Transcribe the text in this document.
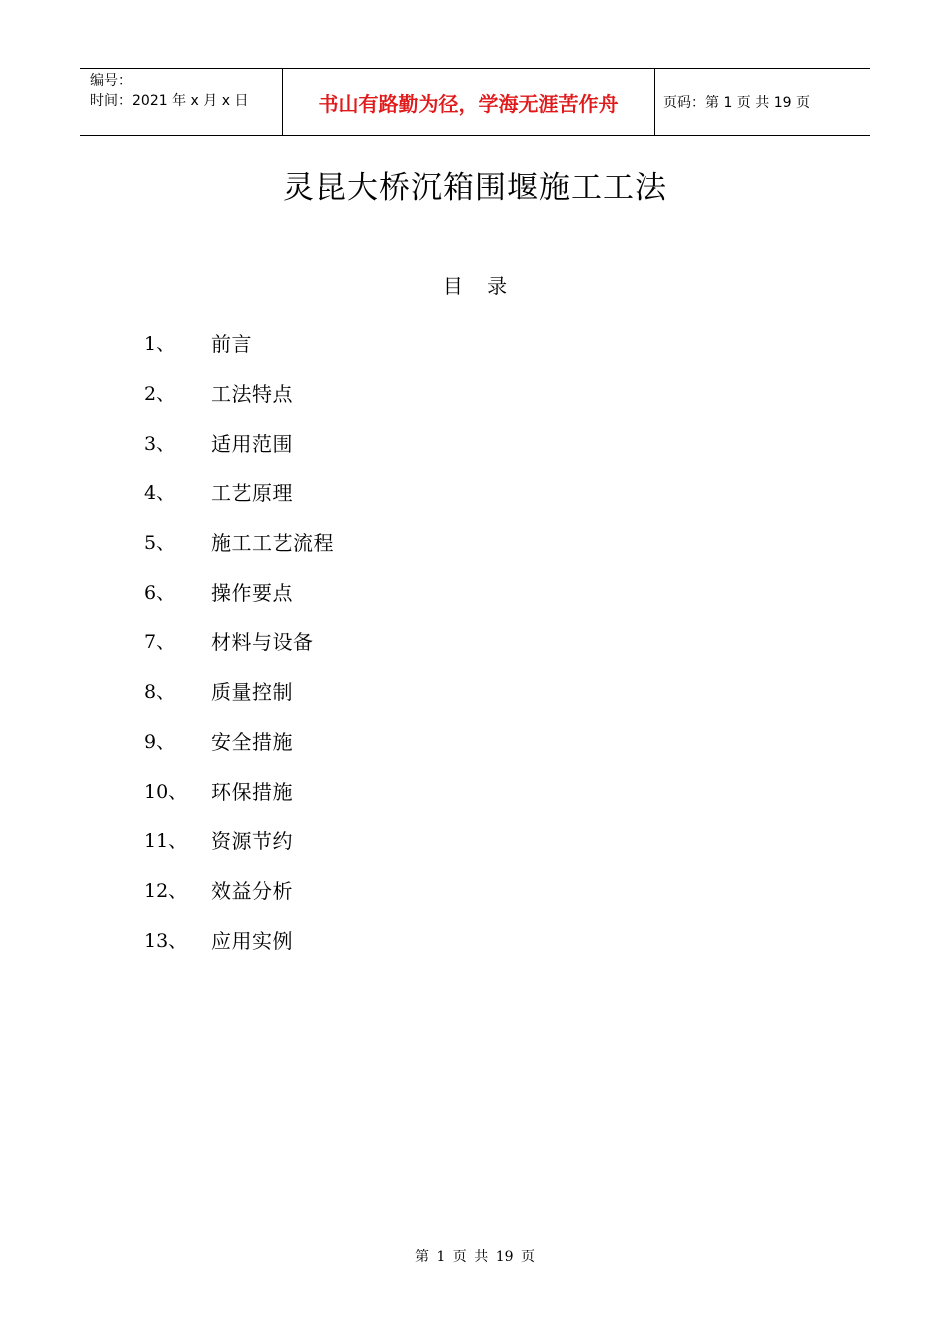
编号：
时间：2021 年 x 月 x 日	书山有路勤为径，学海无涯苦作舟	页码：第 1 页 共 19 页
灵昆大桥沉箱围堰施工工法
目 录
1、	前言
2、	工法特点
3、	适用范围
4、	工艺原理
5、	施工工艺流程
6、	操作要点
7、	材料与设备
8、	质量控制
9、	安全措施
10、	环保措施
11、	资源节约
12、	效益分析
13、	应用实例
第 1 页 共 19 页
